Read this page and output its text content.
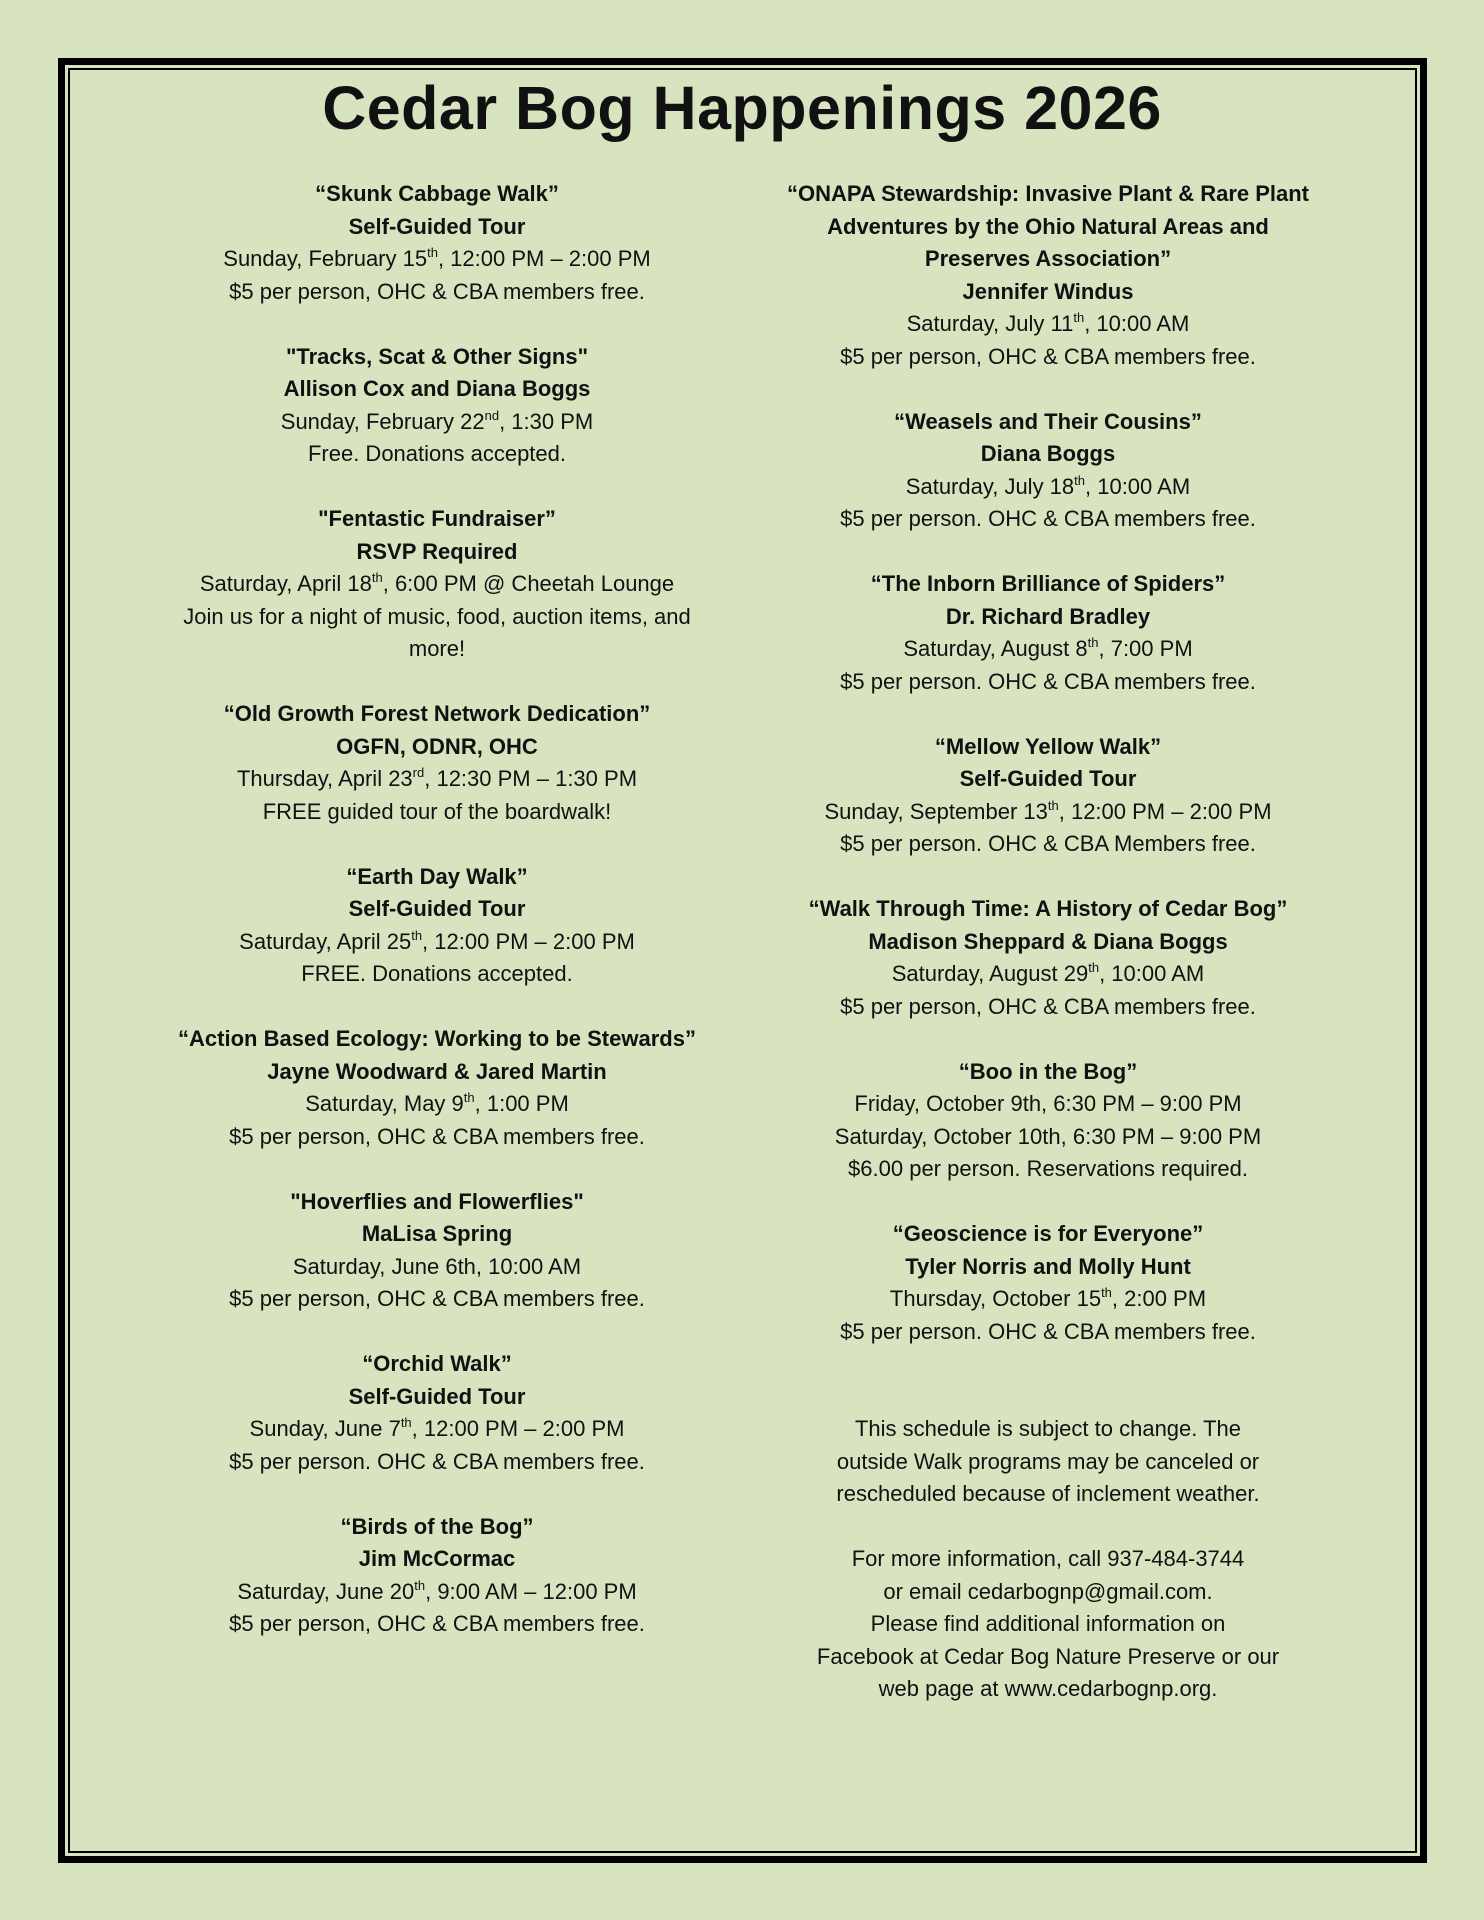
Cedar Bog Happenings 2026
“Skunk Cabbage Walk”
Self-Guided Tour
Sunday, February 15th, 12:00 PM – 2:00 PM
$5 per person, OHC & CBA members free.
"Tracks, Scat & Other Signs"
Allison Cox and Diana Boggs
Sunday, February 22nd, 1:30 PM
Free. Donations accepted.
"Fentastic Fundraiser”
RSVP Required
Saturday, April 18th, 6:00 PM @ Cheetah Lounge
Join us for a night of music, food, auction items, and more!
“Old Growth Forest Network Dedication”
OGFN, ODNR, OHC
Thursday, April 23rd, 12:30 PM – 1:30 PM
FREE guided tour of the boardwalk!
“Earth Day Walk”
Self-Guided Tour
Saturday, April 25th, 12:00 PM – 2:00 PM
FREE. Donations accepted.
“Action Based Ecology: Working to be Stewards”
Jayne Woodward & Jared Martin
Saturday, May 9th, 1:00 PM
$5 per person, OHC & CBA members free.
"Hoverflies and Flowerflies"
MaLisa Spring
Saturday, June 6th, 10:00 AM
$5 per person, OHC & CBA members free.
“Orchid Walk”
Self-Guided Tour
Sunday, June 7th, 12:00 PM – 2:00 PM
$5 per person. OHC & CBA members free.
“Birds of the Bog”
Jim McCormac
Saturday, June 20th, 9:00 AM – 12:00 PM
$5 per person, OHC & CBA members free.
“ONAPA Stewardship: Invasive Plant & Rare Plant Adventures by the Ohio Natural Areas and Preserves Association”
Jennifer Windus
Saturday, July 11th, 10:00 AM
$5 per person, OHC & CBA members free.
“Weasels and Their Cousins”
Diana Boggs
Saturday, July 18th, 10:00 AM
$5 per person. OHC & CBA members free.
“The Inborn Brilliance of Spiders”
Dr. Richard Bradley
Saturday, August 8th, 7:00 PM
$5 per person. OHC & CBA members free.
“Mellow Yellow Walk”
Self-Guided Tour
Sunday, September 13th, 12:00 PM – 2:00 PM
$5 per person. OHC & CBA Members free.
“Walk Through Time: A History of Cedar Bog”
Madison Sheppard & Diana Boggs
Saturday, August 29th, 10:00 AM
$5 per person, OHC & CBA members free.
“Boo in the Bog”
Friday, October 9th, 6:30 PM – 9:00 PM
Saturday, October 10th, 6:30 PM – 9:00 PM
$6.00 per person. Reservations required.
“Geoscience is for Everyone”
Tyler Norris and Molly Hunt
Thursday, October 15th, 2:00 PM
$5 per person. OHC & CBA members free.
This schedule is subject to change. The
outside Walk programs may be canceled or
rescheduled because of inclement weather.
For more information, call 937-484-3744
or email cedarbognp@gmail.com.
Please find additional information on
Facebook at Cedar Bog Nature Preserve or our
web page at www.cedarbognp.org.
